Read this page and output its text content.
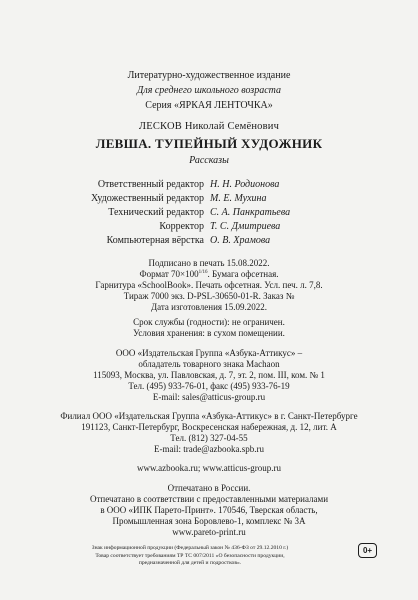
Литературно-художественное издание
Для среднего школьного возраста
Серия «ЯРКАЯ ЛЕНТОЧКА»
ЛЕСКОВ Николай Семёнович
ЛЕВША. ТУПЕЙНЫЙ ХУДОЖНИК
Рассказы
Ответственный редактор Н. Н. Родионова
Художественный редактор М. Е. Мухина
Технический редактор С. А. Панкратьева
Корректор Т. С. Дмитриева
Компьютерная вёрстка О. В. Храмова
Подписано в печать 15.08.2022.
Формат $70\times 100^{1/16}$. Бумага офсетная.
Гарнитура «SchoolBook». Печать офсетная. Усл. печ. л. 7,8.
Тираж 7000 экз. D-PSL-30650-01-R. Заказ №
Дата изготовления 15.09.2022.
Срок службы (годности): не ограничен.
Условия хранения: в сухом помещении.
ООО «Издательская Группа «Азбука-Аттикус» –
обладатель товарного знака Machaon
115093, Москва, ул. Павловская, д. 7, эт. 2, пом. III, ком. № 1
Тел. (495) 933-76-01, факс (495) 933-76-19
E-mail: sales@atticus-group.ru
Филиал ООО «Издательская Группа «Азбука-Аттикус» в г. Санкт-Петербурге
191123, Санкт-Петербург, Воскресенская набережная, д. 12, лит. А
Тел. (812) 327-04-55
E-mail: trade@azbooka.spb.ru
www.azbooka.ru; www.atticus-group.ru
Отпечатано в России.
Отпечатано в соответствии с предоставленными материалами
в ООО «ИПК Парето-Принт». 170546, Тверская область,
Промышленная зона Боровлево-1, комплекс № 3А
www.pareto-print.ru
Знак информационной продукции (Федеральный закон № 436-ФЗ от 29.12.2010 г.)
Товар соответствует требованиям ТР ТС 007/2011 «О безопасности продукции,
предназначенной для детей и подростков».
0+
